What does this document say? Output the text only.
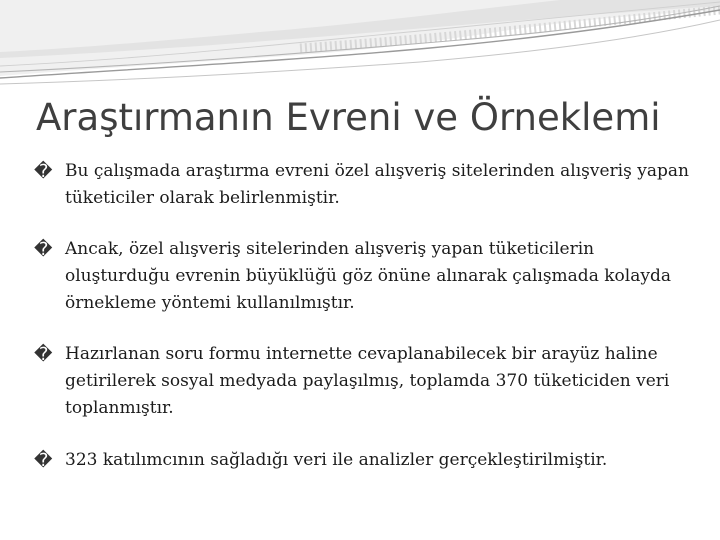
Araştırmanın Evreni ve Örneklemi
� Bu çalışmada araştırma evreni özel alışveriş sitelerinden alışveriş yapan tüketiciler olarak belirlenmiştir.
� Ancak, özel alışveriş sitelerinden alışveriş yapan tüketicilerin oluşturduğu evrenin büyüklüğü göz önüne alınarak çalışmada kolayda örnekleme yöntemi kullanılmıştır.
� Hazırlanan soru formu internette cevaplanabilecek bir arayüz haline getirilerek sosyal medyada paylaşılmış, toplamda 370 tüketiciden veri toplanmıştır.
� 323 katılımcının sağladığı veri ile analizler gerçekleştirilmiştir.
